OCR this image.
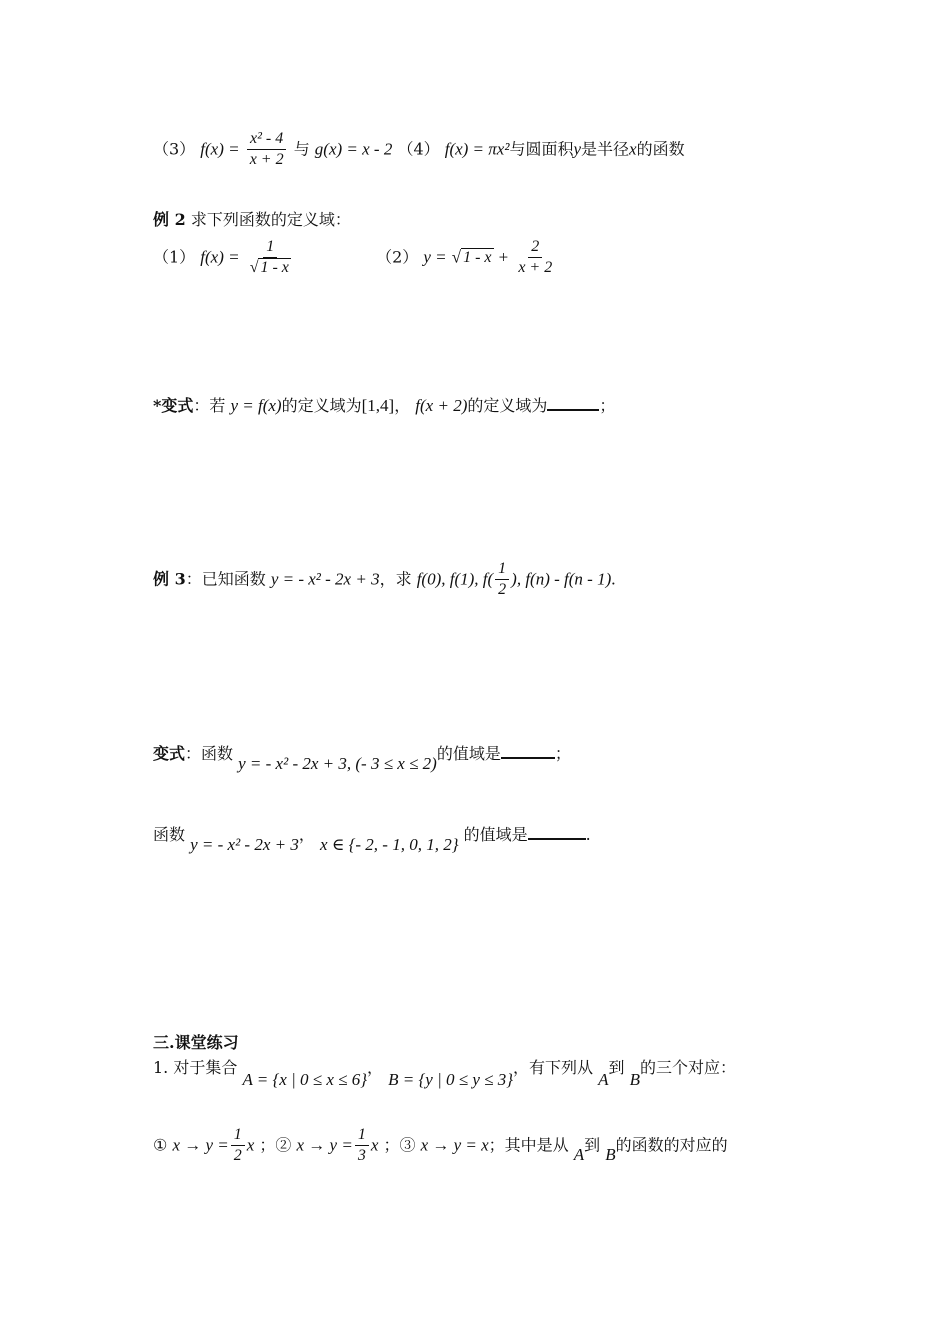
（3） $f(x) = \frac{\text{x² - 4}}{x + 2}$ 与 g(x) = x - 2 （4） f(x) = πx²与圆面积y是半径x的函数
例 2 求下列函数的定义域：
（1） $f(x) = \frac{1}{√ 1 - x}$	（2） y = √ $1 - x + \frac{2}{x + 2}$
*变式：若 y = f(x)的定义域为[1,4]， f(x + 2)的定义域为	；
例 3：已知函数 y = - x² - 2x + 3，求 f(0), f(1), $f( \frac{1}{2}$ ), f(n) - f(n - 1).
变式：函数 y = - x² - 2x + 3, (- 3 ≤ x ≤ 2)的值域是	；
函数 y = - x² - 2x + 3， x ∈ {- 2, - 1, 0, 1, 2} 的值域是	.
三.课堂练习
1. 对于集合 A = {x | 0 ≤ x ≤ 6}， B = {y | 0 ≤ y ≤ 3}，有下列从 A到 B的三个对应：
① $x \to y = \frac{1}{2}$ x ；② $x \to y = \frac{1}{3}$ x ；③ x → y = x；其中是从 A到 B的函数的对应的
